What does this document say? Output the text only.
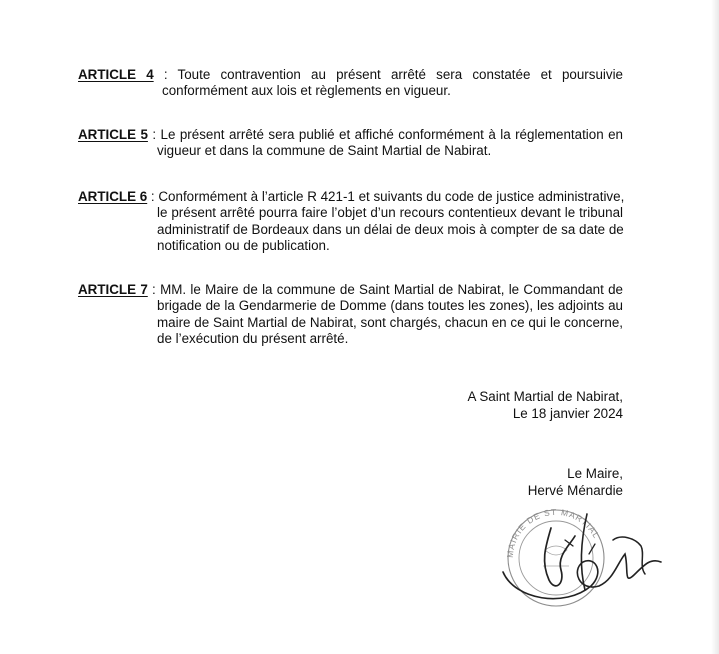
ARTICLE 4 : Toute contravention au présent arrêté sera constatée et poursuivie
conformément aux lois et règlements en vigueur.
ARTICLE 5 : Le présent arrêté sera publié et affiché conformément à la réglementation en
vigueur et dans la commune de Saint Martial de Nabirat.
ARTICLE 6 : Conformément à l’article R 421-1 et suivants du code de justice administrative,
le présent arrêté pourra faire l’objet d’un recours contentieux devant le tribunal
administratif de Bordeaux dans un délai de deux mois à compter de sa date de
notification ou de publication.
ARTICLE 7 : MM. le Maire de la commune de Saint Martial de Nabirat, le Commandant de
brigade de la Gendarmerie de Domme (dans toutes les zones), les adjoints au
maire de Saint Martial de Nabirat, sont chargés, chacun en ce qui le concerne,
de l’exécution du présent arrêté.
A Saint Martial de Nabirat,
Le 18 janvier 2024
Le Maire,
Hervé Ménardie
MAIRIE DE ST MARTIAL
